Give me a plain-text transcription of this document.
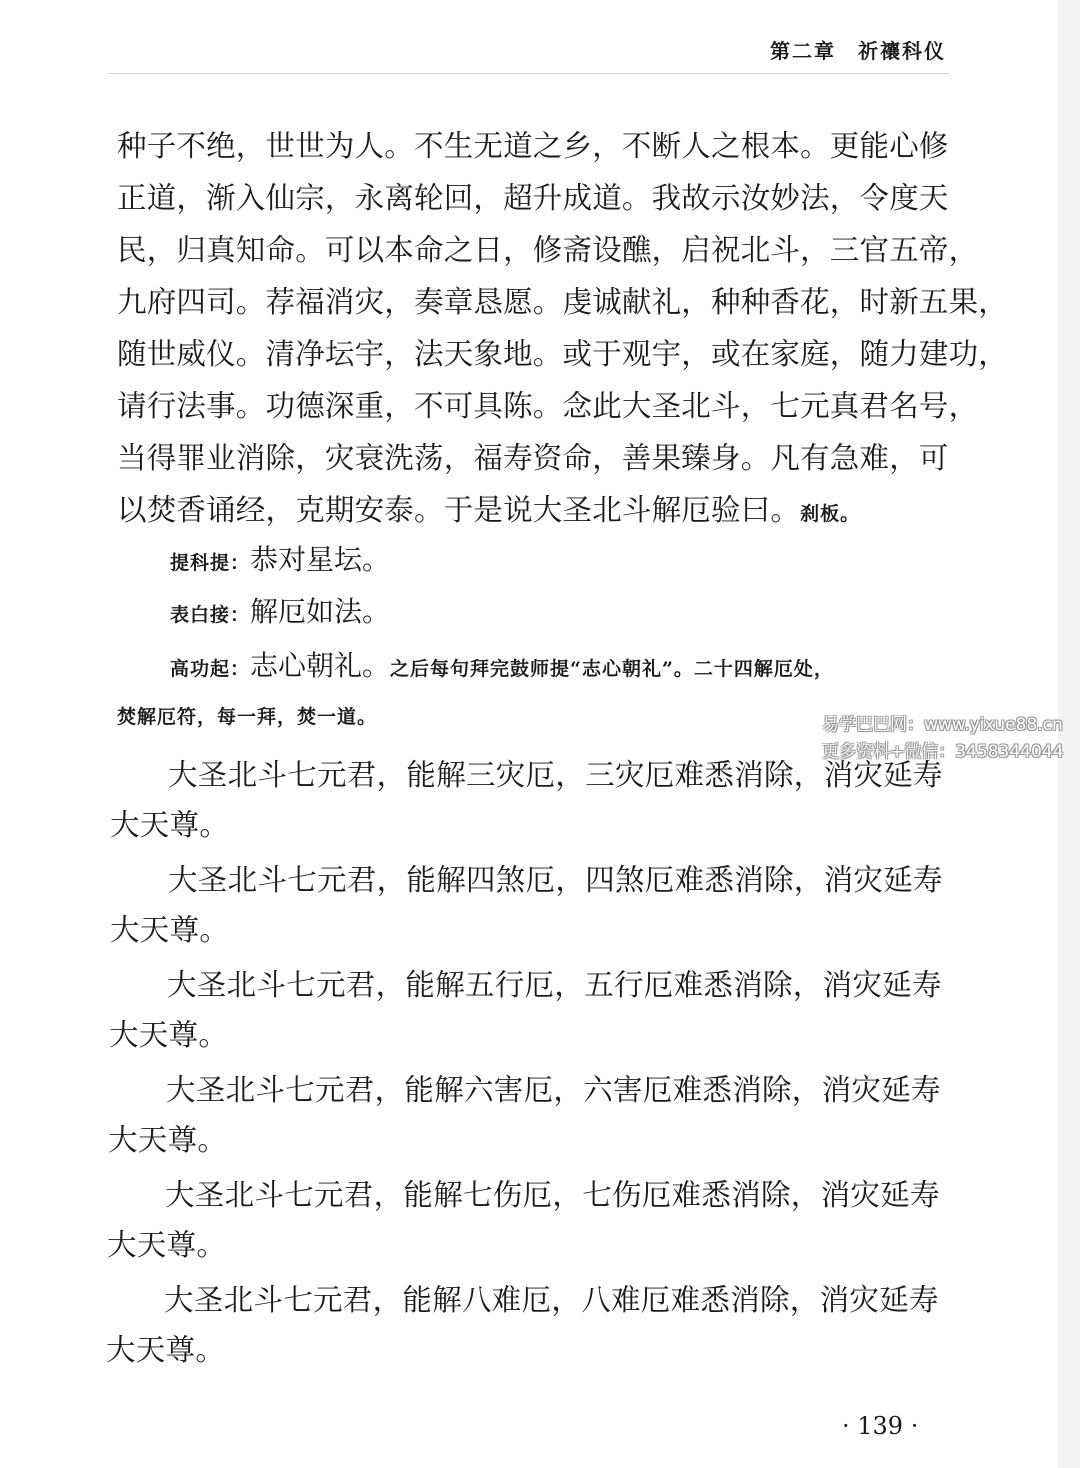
第二章 祈禳科仪
种子不绝，世世为人。不生无道之乡，不断人之根本。更能心修
正道，渐入仙宗，永离轮回，超升成道。我故示汝妙法，令度天
民，归真知命。可以本命之日，修斋设醮，启祝北斗，三官五帝，
九府四司。荐福消灾，奏章恳愿。虔诚献礼，种种香花，时新五果，
随世威仪。清净坛宇，法天象地。或于观宇，或在家庭，随力建功，
请行法事。功德深重，不可具陈。念此大圣北斗，七元真君名号，
当得罪业消除，灾衰洗荡，福寿资命，善果臻身。凡有急难，可
以焚香诵经，克期安泰。于是说大圣北斗解厄验曰。刹板。
提科提：恭对星坛。
表白接：解厄如法。
高功起：志心朝礼。之后每句拜完鼓师提“志心朝礼”。二十四解厄处，
焚解厄符，每一拜，焚一道。
大圣北斗七元君，能解三灾厄，三灾厄难悉消除，消灾延寿
大天尊。
大圣北斗七元君，能解四煞厄，四煞厄难悉消除，消灾延寿
大天尊。
大圣北斗七元君，能解五行厄，五行厄难悉消除，消灾延寿
大天尊。
大圣北斗七元君，能解六害厄，六害厄难悉消除，消灾延寿
大天尊。
大圣北斗七元君，能解七伤厄，七伤厄难悉消除，消灾延寿
大天尊。
大圣北斗七元君，能解八难厄，八难厄难悉消除，消灾延寿
大天尊。
· 139 ·
易学巴巴网：www.yixue88.cn
更多资料+微信：3458344044
